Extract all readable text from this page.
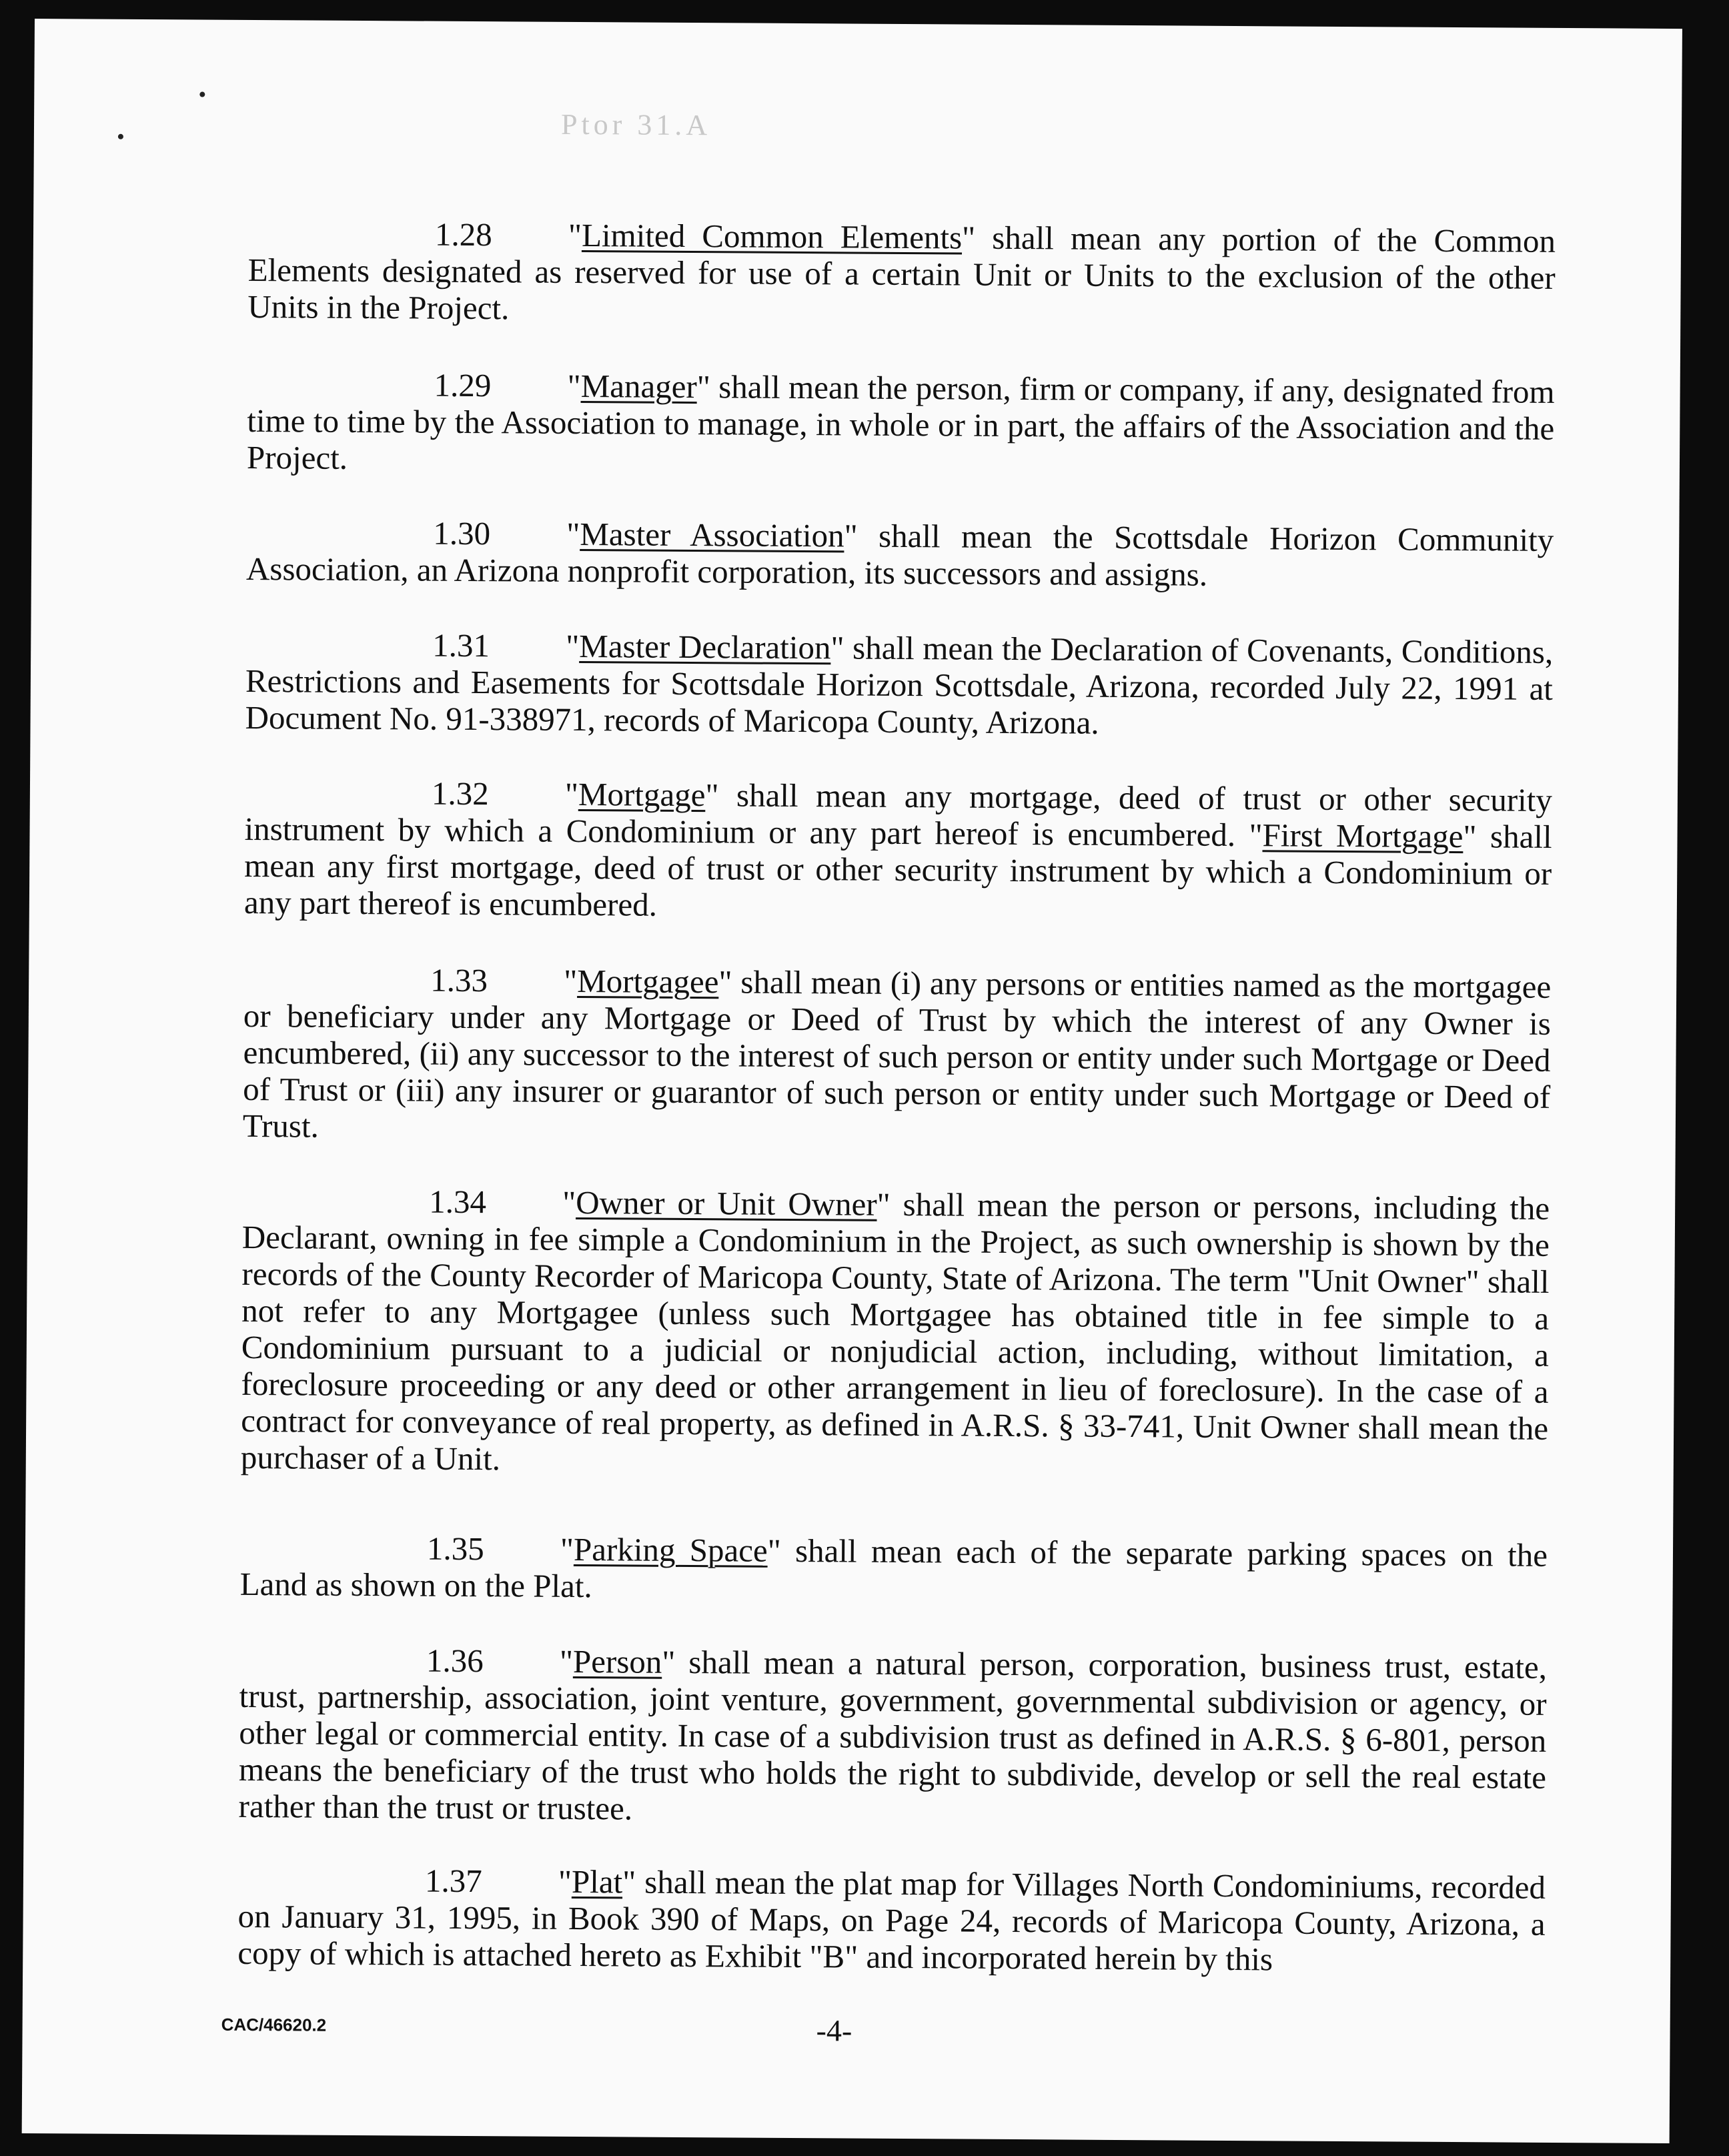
Ptor 31.A

1.28 "Limited Common Elements" shall mean any portion of the Common Elements designated as reserved for use of a certain Unit or Units to the exclusion of the other Units in the Project.

1.29 "Manager" shall mean the person, firm or company, if any, designated from time to time by the Association to manage, in whole or in part, the affairs of the Association and the Project.

1.30 "Master Association" shall mean the Scottsdale Horizon Community Association, an Arizona nonprofit corporation, its successors and assigns.

1.31 "Master Declaration" shall mean the Declaration of Covenants, Conditions, Restrictions and Easements for Scottsdale Horizon Scottsdale, Arizona, recorded July 22, 1991 at Document No. 91-338971, records of Maricopa County, Arizona.

1.32 "Mortgage" shall mean any mortgage, deed of trust or other security instrument by which a Condominium or any part hereof is encumbered. "First Mortgage" shall mean any first mortgage, deed of trust or other security instrument by which a Condominium or any part thereof is encumbered.

1.33 "Mortgagee" shall mean (i) any persons or entities named as the mortgagee or beneficiary under any Mortgage or Deed of Trust by which the interest of any Owner is encumbered, (ii) any successor to the interest of such person or entity under such Mortgage or Deed of Trust or (iii) any insurer or guarantor of such person or entity under such Mortgage or Deed of Trust.

1.34 "Owner or Unit Owner" shall mean the person or persons, including the Declarant, owning in fee simple a Condominium in the Project, as such ownership is shown by the records of the County Recorder of Maricopa County, State of Arizona. The term "Unit Owner" shall not refer to any Mortgagee (unless such Mortgagee has obtained title in fee simple to a Condominium pursuant to a judicial or nonjudicial action, including, without limitation, a foreclosure proceeding or any deed or other arrangement in lieu of foreclosure). In the case of a contract for conveyance of real property, as defined in A.R.S. § 33-741, Unit Owner shall mean the purchaser of a Unit.

1.35 "Parking Space" shall mean each of the separate parking spaces on the Land as shown on the Plat.

1.36 "Person" shall mean a natural person, corporation, business trust, estate, trust, partnership, association, joint venture, government, governmental subdivision or agency, or other legal or commercial entity. In case of a subdivision trust as defined in A.R.S. § 6-801, person means the beneficiary of the trust who holds the right to subdivide, develop or sell the real estate rather than the trust or trustee.

1.37 "Plat" shall mean the plat map for Villages North Condominiums, recorded on January 31, 1995, in Book 390 of Maps, on Page 24, records of Maricopa County, Arizona, a copy of which is attached hereto as Exhibit "B" and incorporated herein by this

CAC/46620.2	-4-
